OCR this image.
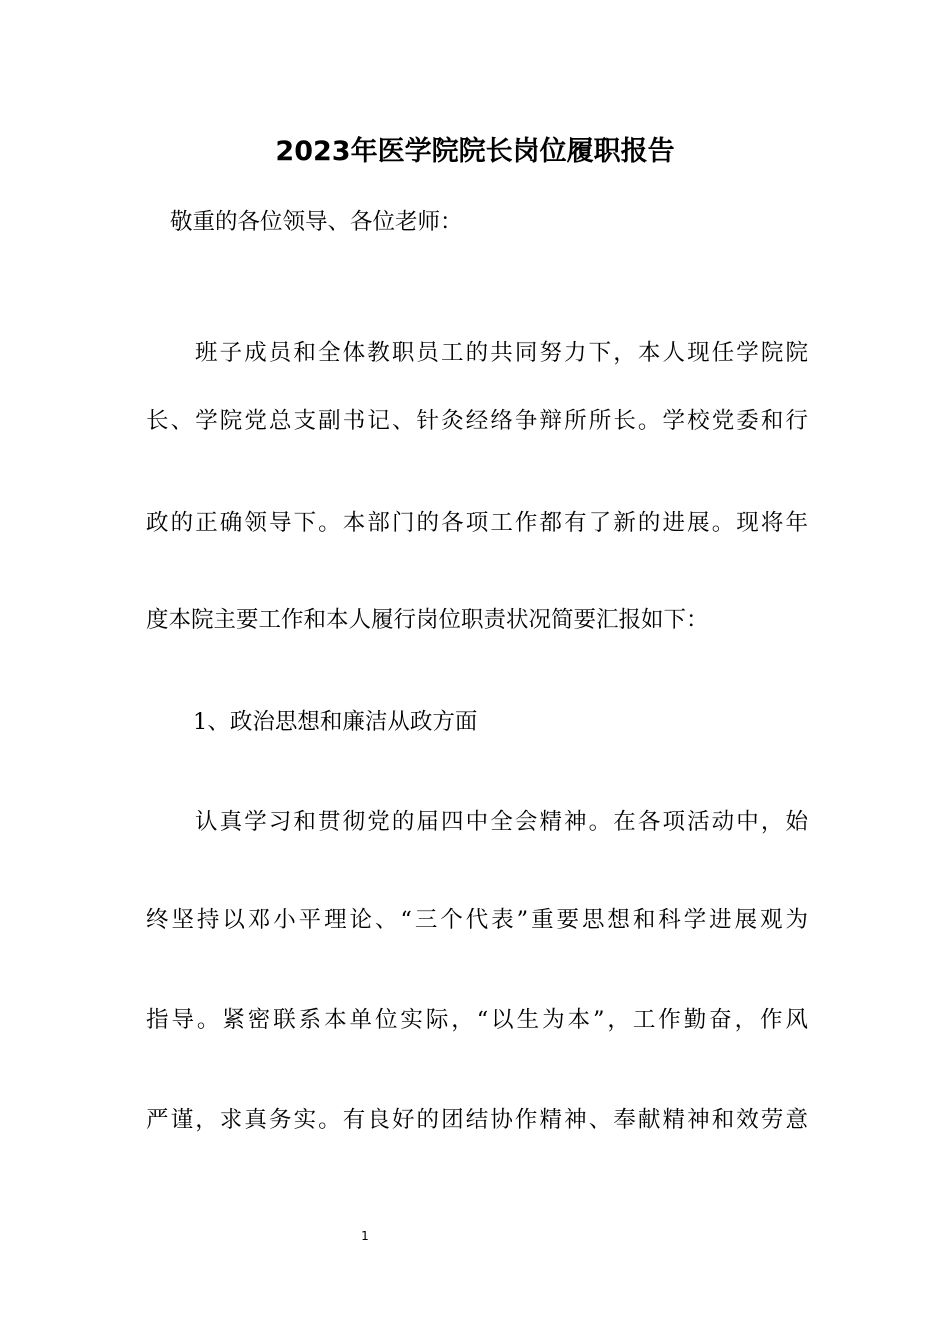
2023年医学院院长岗位履职报告

敬重的各位领导、各位老师：

班子成员和全体教职员工的共同努力下，本人现任学院院

长、学院党总支副书记、针灸经络争辩所所长。学校党委和行

政的正确领导下。本部门的各项工作都有了新的进展。现将年

度本院主要工作和本人履行岗位职责状况简要汇报如下：

1、政治思想和廉洁从政方面

认真学习和贯彻党的届四中全会精神。在各项活动中，始

终坚持以邓小平理论、“三个代表”重要思想和科学进展观为

指导。紧密联系本单位实际，“以生为本”，工作勤奋，作风

严谨，求真务实。有良好的团结协作精神、奉献精神和效劳意

1
